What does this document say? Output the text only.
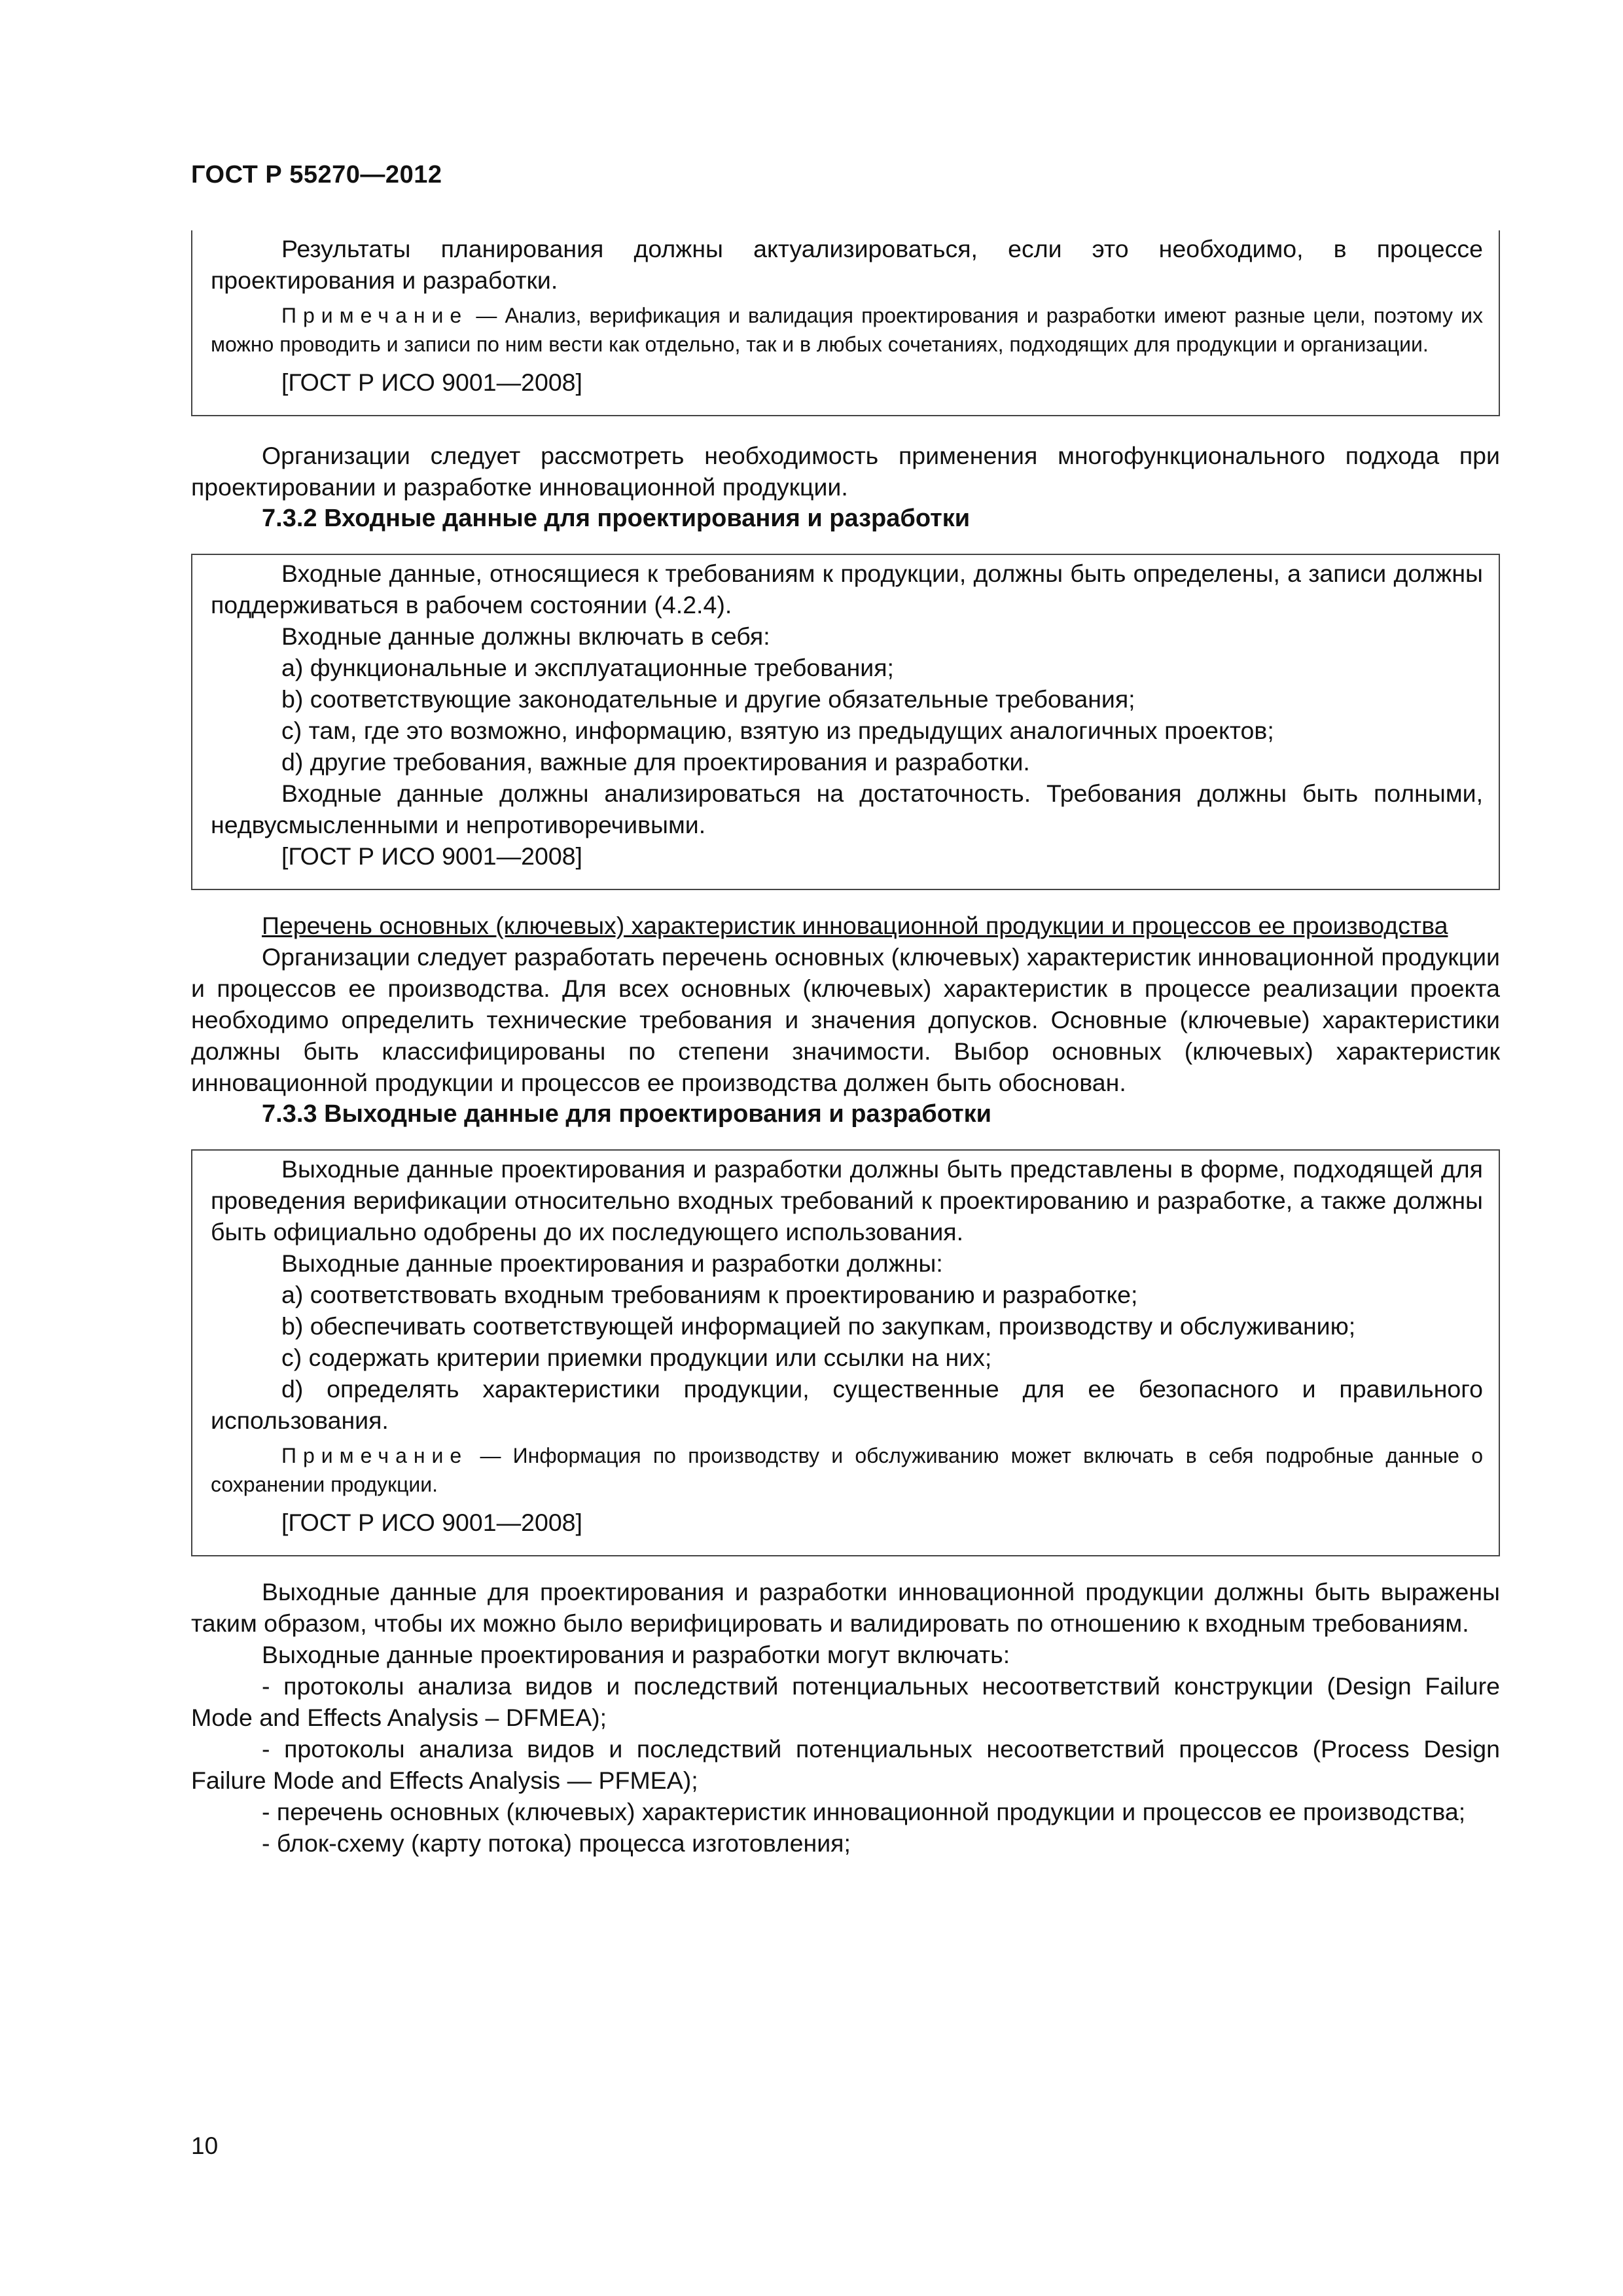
ГОСТ Р 55270—2012

Результаты планирования должны актуализироваться, если это необходимо, в процессе проектирования и разработки.

Примечание — Анализ, верификация и валидация проектирования и разработки имеют разные цели, поэтому их можно проводить и записи по ним вести как отдельно, так и в любых сочетаниях, подходящих для продукции и организации.

[ГОСТ Р ИСО 9001—2008]

Организации следует рассмотреть необходимость применения многофункционального подхода при проектировании и разработке инновационной продукции.

7.3.2 Входные данные для проектирования и разработки

Входные данные, относящиеся к требованиям к продукции, должны быть определены, а записи должны поддерживаться в рабочем состоянии (4.2.4).

Входные данные должны включать в себя:

a) функциональные и эксплуатационные требования;

b) соответствующие законодательные и другие обязательные требования;

c) там, где это возможно, информацию, взятую из предыдущих аналогичных проектов;

d) другие требования, важные для проектирования и разработки.

Входные данные должны анализироваться на достаточность. Требования должны быть полными, недвусмысленными и непротиворечивыми.

[ГОСТ Р ИСО 9001—2008]

Перечень основных (ключевых) характеристик инновационной продукции и процессов ее производства

Организации следует разработать перечень основных (ключевых) характеристик инновационной продукции и процессов ее производства. Для всех основных (ключевых) характеристик в процессе реализации проекта необходимо определить технические требования и значения допусков. Основные (ключевые) характеристики должны быть классифицированы по степени значимости. Выбор основных (ключевых) характеристик инновационной продукции и процессов ее производства должен быть обоснован.

7.3.3 Выходные данные для проектирования и разработки

Выходные данные проектирования и разработки должны быть представлены в форме, подходящей для проведения верификации относительно входных требований к проектированию и разработке, а также должны быть официально одобрены до их последующего использования.

Выходные данные проектирования и разработки должны:

a) соответствовать входным требованиям к проектированию и разработке;

b) обеспечивать соответствующей информацией по закупкам, производству и обслуживанию;

c) содержать критерии приемки продукции или ссылки на них;

d) определять характеристики продукции, существенные для ее безопасного и правильного использования.

Примечание — Информация по производству и обслуживанию может включать в себя подробные данные о сохранении продукции.

[ГОСТ Р ИСО 9001—2008]

Выходные данные для проектирования и разработки инновационной продукции должны быть выражены таким образом, чтобы их можно было верифицировать и валидировать по отношению к входным требованиям.

Выходные данные проектирования и разработки могут включать:

- протоколы анализа видов и последствий потенциальных несоответствий конструкции (Design Failure Mode and Effects Analysis – DFMEA);

- протоколы анализа видов и последствий потенциальных несоответствий процессов (Process Design Failure Mode and Effects Analysis — PFMEA);

- перечень основных (ключевых) характеристик инновационной продукции и процессов ее производства;

- блок-схему (карту потока) процесса изготовления;

10
